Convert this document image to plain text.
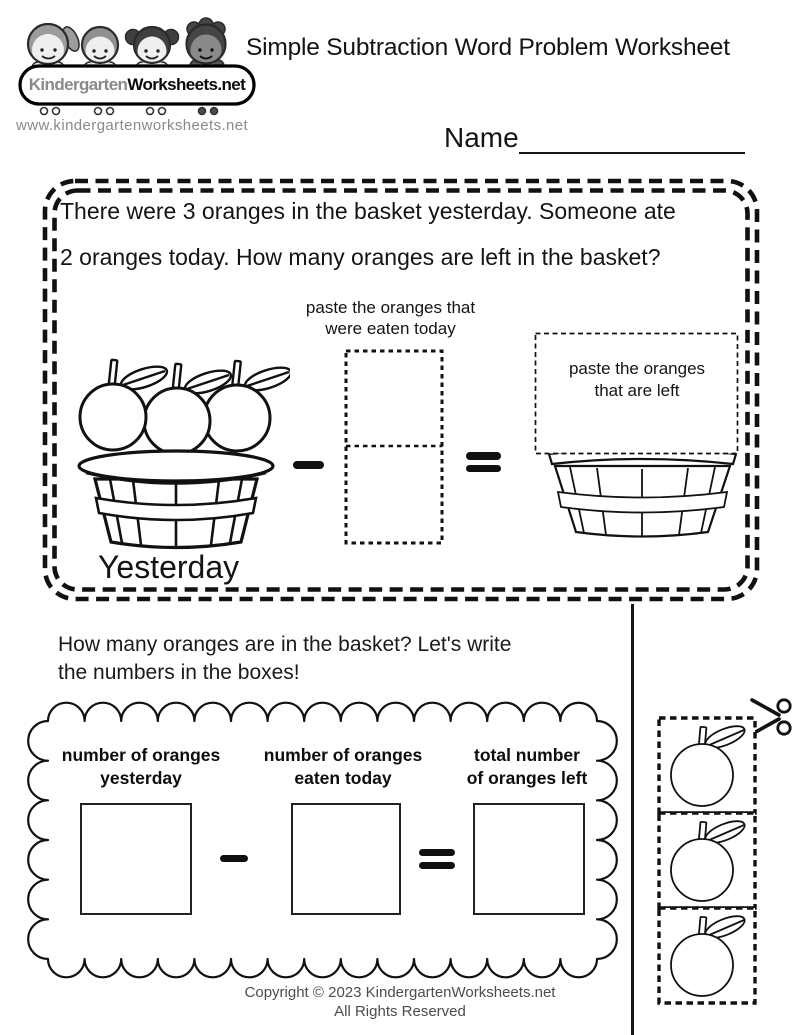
Kindergarten Worksheets.net
www.kindergartenworksheets.net
Simple Subtraction Word Problem Worksheet
Name
There were 3 oranges in the basket yesterday. Someone ate
2 oranges today. How many oranges are left in the basket?
paste the oranges that
were eaten today
Yesterday
paste the oranges
that are left
How many oranges are in the basket? Let's write
the numbers in the boxes!
number of oranges
yesterday
number of oranges
eaten today
total number
of oranges left
Copyright © 2023 KindergartenWorksheets.net
All Rights Reserved
